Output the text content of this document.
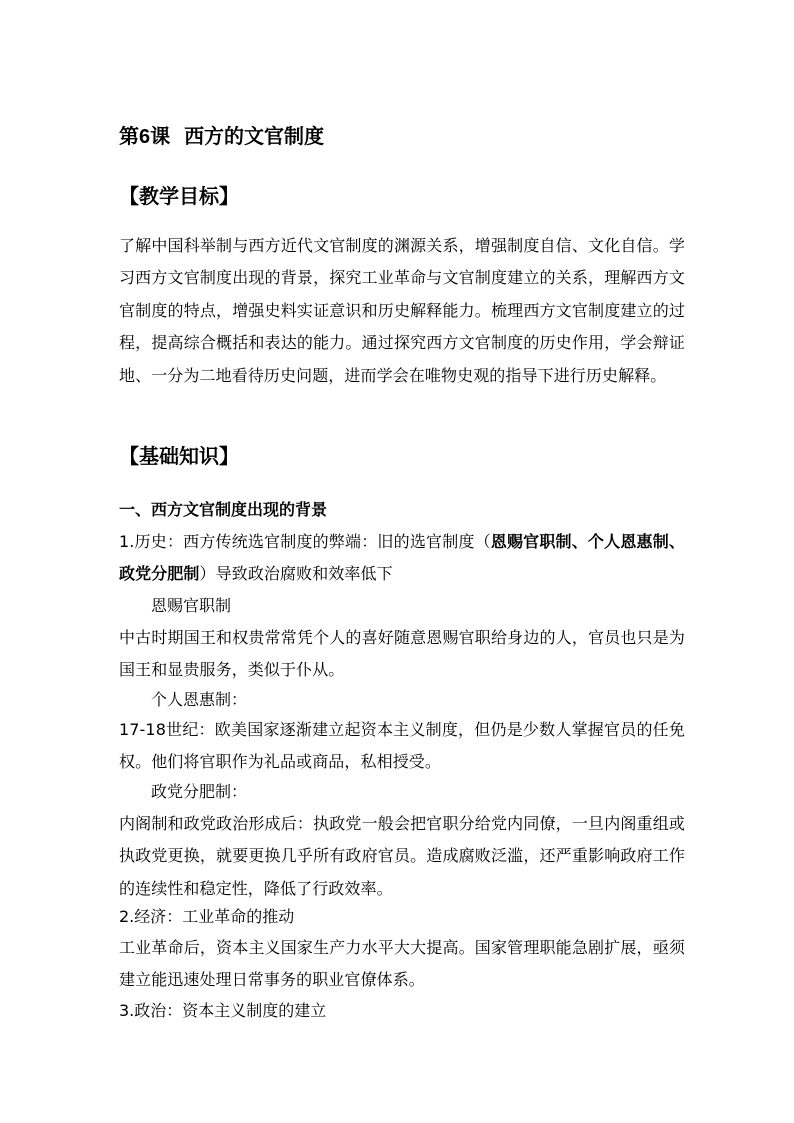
第6课 西方的文官制度
【教学目标】
了解中国科举制与西方近代文官制度的渊源关系，增强制度自信、文化自信。学习西方文官制度出现的背景，探究工业革命与文官制度建立的关系，理解西方文官制度的特点，增强史料实证意识和历史解释能力。梳理西方文官制度建立的过程，提高综合概括和表达的能力。通过探究西方文官制度的历史作用，学会辩证地、一分为二地看待历史问题，进而学会在唯物史观的指导下进行历史解释。
【基础知识】
一、西方文官制度出现的背景
1.历史：西方传统选官制度的弊端：旧的选官制度（恩赐官职制、个人恩惠制、政党分肥制）导致政治腐败和效率低下
恩赐官职制
中古时期国王和权贵常常凭个人的喜好随意恩赐官职给身边的人，官员也只是为国王和显贵服务，类似于仆从。
个人恩惠制：
17-18世纪：欧美国家逐渐建立起资本主义制度，但仍是少数人掌握官员的任免权。他们将官职作为礼品或商品，私相授受。
政党分肥制：
内阁制和政党政治形成后：执政党一般会把官职分给党内同僚，一旦内阁重组或执政党更换，就要更换几乎所有政府官员。造成腐败泛滥，还严重影响政府工作的连续性和稳定性，降低了行政效率。
2.经济：工业革命的推动
工业革命后，资本主义国家生产力水平大大提高。国家管理职能急剧扩展，亟须建立能迅速处理日常事务的职业官僚体系。
3.政治：资本主义制度的建立
